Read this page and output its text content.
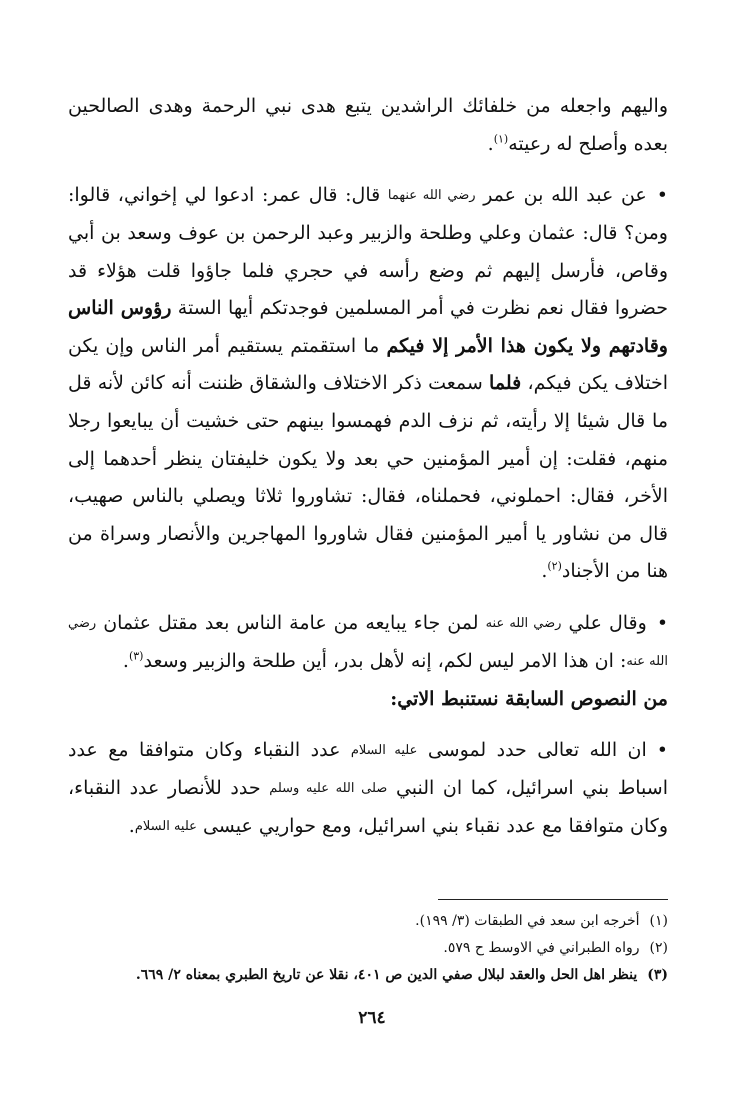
واليهم واجعله من خلفائك الراشدين يتبع هدى نبي الرحمة وهدى الصالحين بعده وأصلح له رعيته$^{(١)}$.

• عن عبد الله بن عمر رضي الله عنهما قال: قال عمر: ادعوا لي إخواني، قالوا: ومن؟ قال: عثمان وعلي وطلحة والزبير وعبد الرحمن بن عوف وسعد بن أبي وقاص، فأرسل إليهم ثم وضع رأسه في حجري فلما جاؤوا قلت هؤلاء قد حضروا فقال نعم نظرت في أمر المسلمين فوجدتكم أيها الستة رؤوس الناس وقادتهم ولا يكون هذا الأمر إلا فيكم ما استقمتم يستقيم أمر الناس وإن يكن اختلاف يكن فيكم، فلما سمعت ذكر الاختلاف والشقاق ظننت أنه كائن لأنه قل ما قال شيئا إلا رأيته، ثم نزف الدم فهمسوا بينهم حتى خشيت أن يبايعوا رجلا منهم، فقلت: إن أمير المؤمنين حي بعد ولا يكون خليفتان ينظر أحدهما إلى الأخر، فقال: احملوني، فحملناه، فقال: تشاوروا ثلاثا ويصلي بالناس صهيب، قال من نشاور يا أمير المؤمنين فقال شاوروا المهاجرين والأنصار وسراة من هنا من الأجناد$^{(٢)}$.

• وقال علي رضي الله عنه لمن جاء يبايعه من عامة الناس بعد مقتل عثمان رضي الله عنه: ان هذا الامر ليس لكم، إنه لأهل بدر، أين طلحة والزبير وسعد$^{(٣)}$.

من النصوص السابقة نستنبط الاتي:

• ان الله تعالى حدد لموسى عليه السلام عدد النقباء وكان متوافقا مع عدد اسباط بني اسرائيل، كما ان النبي صلى الله عليه وسلم حدد للأنصار عدد النقباء، وكان متوافقا مع عدد نقباء بني اسرائيل، ومع حواريي عيسى عليه السلام.

(١)أخرجه ابن سعد في الطبقات (٣/ ١٩٩).
(٢)رواه الطبراني في الاوسط ح ٥٧٩.
(٣)ينظر اهل الحل والعقد لبلال صفي الدين ص ٤٠١، نقلا عن تاريخ الطبري بمعناه ٢/ ٦٦٩.
٢٦٤
